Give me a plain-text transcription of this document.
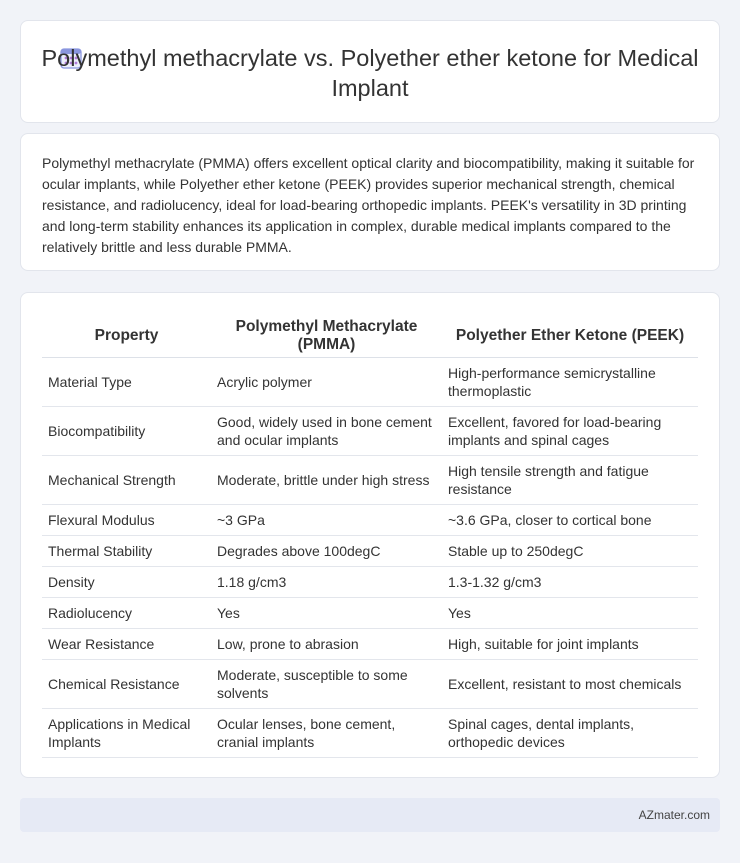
Polymethyl methacrylate vs. Polyether ether ketone for Medical Implant

Polymethyl methacrylate (PMMA) offers excellent optical clarity and biocompatibility, making it suitable for ocular implants, while Polyether ether ketone (PEEK) provides superior mechanical strength, chemical resistance, and radiolucency, ideal for load-bearing orthopedic implants. PEEK's versatility in 3D printing and long-term stability enhances its application in complex, durable medical implants compared to the relatively brittle and less durable PMMA.

Property	Polymethyl Methacrylate (PMMA)	Polyether Ether Ketone (PEEK)
Material Type	Acrylic polymer	High-performance semicrystalline thermoplastic
Biocompatibility	Good, widely used in bone cement and ocular implants	Excellent, favored for load-bearing implants and spinal cages
Mechanical Strength	Moderate, brittle under high stress	High tensile strength and fatigue resistance
Flexural Modulus	~3 GPa	~3.6 GPa, closer to cortical bone
Thermal Stability	Degrades above 100degC	Stable up to 250degC
Density	1.18 g/cm3	1.3-1.32 g/cm3
Radiolucency	Yes	Yes
Wear Resistance	Low, prone to abrasion	High, suitable for joint implants
Chemical Resistance	Moderate, susceptible to some solvents	Excellent, resistant to most chemicals
Applications in Medical Implants	Ocular lenses, bone cement, cranial implants	Spinal cages, dental implants, orthopedic devices
AZmater.com
